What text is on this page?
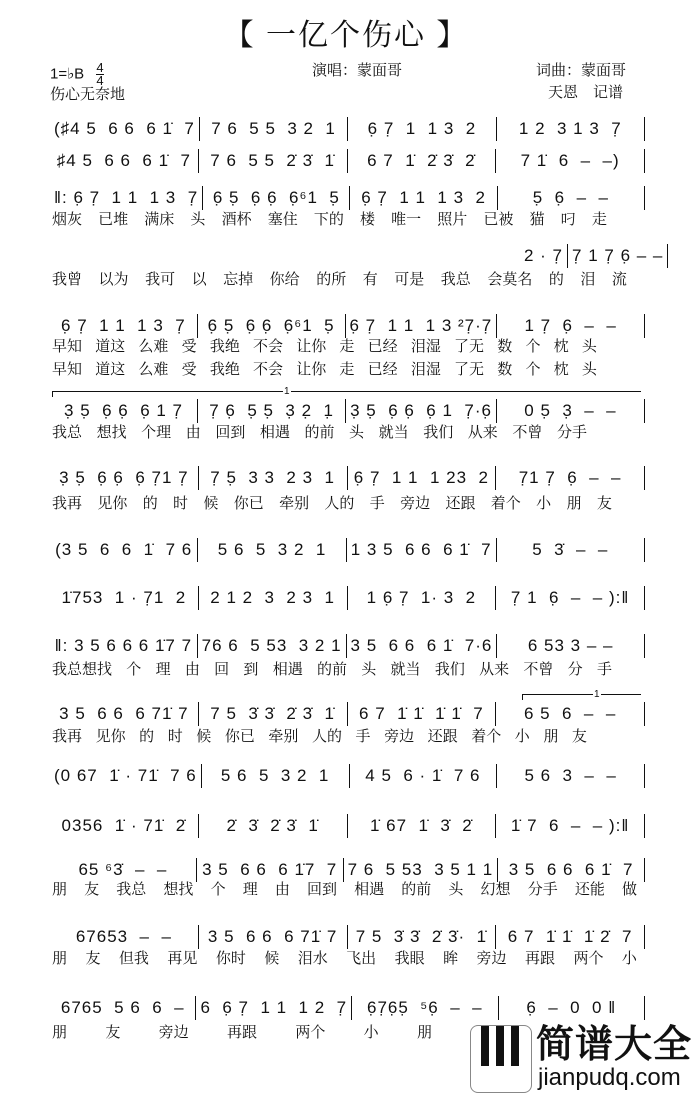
【 一亿个伤心 】
1=♭B $\frac{4}{4}$	演唱：蒙面哥	词曲：蒙面哥
伤心无奈地	天恩　记谱
(♯4 5  6 6  6 1̇  7 7 6  5 5  3 2  1	6̣ 7̣  1  1 3  2	1 2  3 1 3  7̣
♯4 5  6 6  6 1̇  7	7 6  5 5  2̇ 3̇  1̇	6 7  1̇  2̇ 3̇  2̇	7 1̇  6  –  –)
‖: 6̣ 7̣  1 1  1 3  7̣ 6̣ 5̣  6̣ 6̣  6̣⁶1  5̣	6̣ 7̣  1 1  1 3  2	5̣  6̣  –  –
烟灰 已堆 满床 头 酒杯 塞住 下的 楼 唯一 照片 已被 猫 叼 走
2 · 7̣ 7̣ 1 7̣ 6̣ – –
我曾 以为 我可 以 忘掉 你给 的所 有 可是 我总 会莫名 的 泪 流
6̣ 7̣  1 1  1 3  7̣	6̣ 5̣  6̣ 6̣  6̣⁶1  5̣ 6̣ 7̣  1 1  1 3 ²7̣·7̣	1 7̣  6̣  –  –
早知 道这 么难 受 我绝 不会 让你 走 已经 泪湿 了无 数 个 枕 头
早知 道这 么难 受 我绝 不会 让你 走 已经 泪湿 了无 数 个 枕 头
3̣ 5̣  6̣ 6̣  6̣ 1 7̣	7̣ 6̣  5̣ 5̣  3̣ 2̣  1̣ 3̣ 5̣  6̣ 6̣  6̣ 1  7̣·6̣	0 5̣  3̣  –  –
1
我总 想找 个理 由 回到 相遇 的前 头 就当 我们 从来 不曾 分手
3̣ 5̣  6̣ 6̣  6̣ 7̣1 7̣	7̣ 5̣  3 3  2 3  1	6̣ 7̣  1 1  1 23  2	7̣1 7̣  6̣  –  –
我再 见你 的 时 候 你已 牵别 人的 手 旁边 还跟 着个 小 朋 友
(3 5  6  6  1̇  7 6	5 6  5  3 2  1	1 3 5  6 6  6 1̇  7	5  3̇  –  –
1̇753  1 · 7̣1  2	2 1 2  3  2 3  1	1 6̣ 7̣  1· 3  2	7̣ 1  6̣  –  – ):‖
‖: 3 5 6 6 6 1̇7 7 76 6  5 53  3 2 1 3 5  6 6  6 1̇  7·6	6 53 3 – –
我总想找 个 理 由 回 到 相遇 的前 头 就当 我们 从来 不曾 分 手
3 5  6 6  6 71̇ 7	7 5  3̇ 3̇  2̇ 3̇  1̇	6 7  1̇ 1̇  1̇ 1̇  7	6 5  6  –  –
1
我再 见你 的 时 候 你已 牵别 人的 手 旁边 还跟 着个 小 朋 友
(0 67  1̇ · 71̇  7 6	5 6  5  3 2  1	4 5  6 · 1̇  7 6	5 6  3  –  –
0356  1̇ · 71̇  2̇	2̇  3̇  2̇ 3̇  1̇	1̇ 67  1̇  3̇  2̇	1̇ 7  6  –  – ):‖
65 ⁶3̇  –  –	3 5  6 6  6 1̇7  7 7 6  5 53  3 5 1 1 3 5  6 6  6 1̇  7
朋 友 我总 想找 个 理 由 回到 相遇 的前 头 幻想 分手 还能 做
67653  –  –	3 5  6 6  6 71̇ 7	7 5  3̇ 3̇  2̇ 3̇·  1̇	6 7  1̇ 1̇  1̇ 2̇  7
朋 友 但我 再见 你时 候 泪水 飞出 我眼 眸 旁边 再跟 两个 小
6765  5 6  6  – 6  6̣ 7̣  1 1  1 2  7̣	6̣7̣6̣5̣  ⁵6̣  –  –	6̣  –  0  0 ‖
朋	友	旁边	再跟	两个	小	朋	简谱大全
jianpudq.com
